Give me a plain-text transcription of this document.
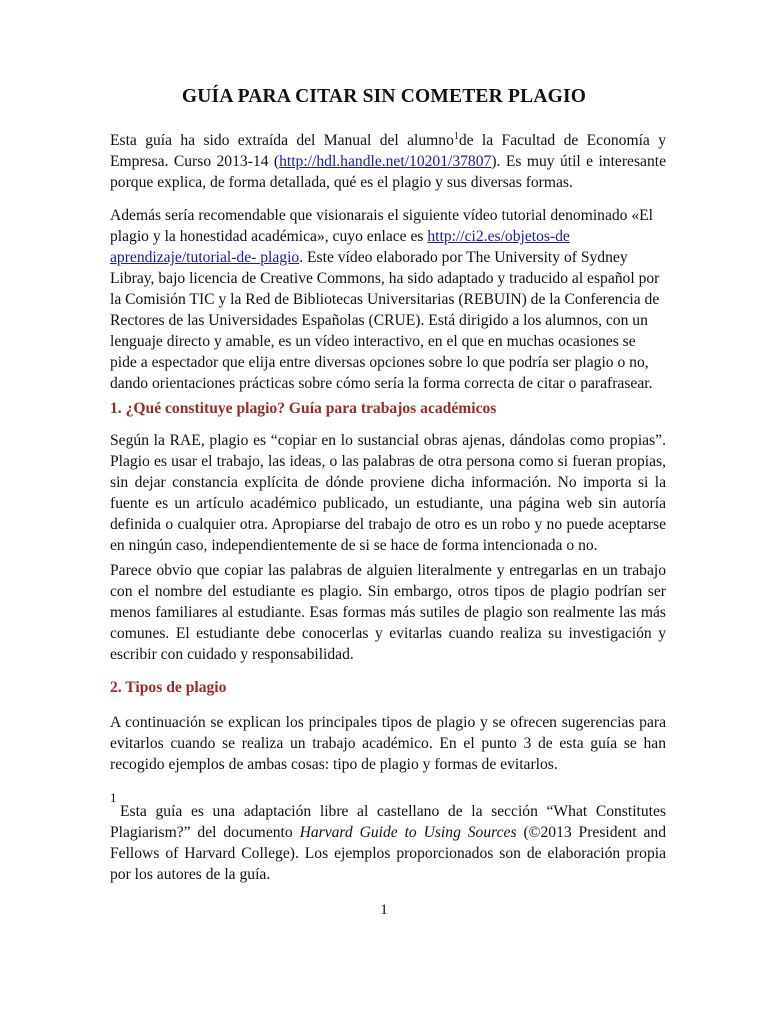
GUÍA PARA CITAR SIN COMETER PLAGIO

Esta guía ha sido extraída del Manual del alumno$^1$de la Facultad de Economía y Empresa. Curso 2013-14 (http://hdl.handle.net/10201/37807). Es muy útil e interesante porque explica, de forma detallada, qué es el plagio y sus diversas formas.

Además sería recomendable que visionarais el siguiente vídeo tutorial denominado «El plagio y la honestidad académica», cuyo enlace es http://ci2.es/objetos-de aprendizaje/tutorial-de- plagio. Este vídeo elaborado por The University of Sydney Libray, bajo licencia de Creative Commons, ha sido adaptado y traducido al español por la Comisión TIC y la Red de Bibliotecas Universitarias (REBUIN) de la Conferencia de Rectores de las Universidades Españolas (CRUE). Está dirigido a los alumnos, con un lenguaje directo y amable, es un vídeo interactivo, en el que en muchas ocasiones se pide a espectador que elija entre diversas opciones sobre lo que podría ser plagio o no, dando orientaciones prácticas sobre cómo sería la forma correcta de citar o parafrasear.

1. ¿Qué constituye plagio? Guía para trabajos académicos

Según la RAE, plagio es “copiar en lo sustancial obras ajenas, dándolas como propias”. Plagio es usar el trabajo, las ideas, o las palabras de otra persona como si fueran propias, sin dejar constancia explícita de dónde proviene dicha información. No importa si la fuente es un artículo académico publicado, un estudiante, una página web sin autoría definida o cualquier otra. Apropiarse del trabajo de otro es un robo y no puede aceptarse en ningún caso, independientemente de si se hace de forma intencionada o no.

Parece obvio que copiar las palabras de alguien literalmente y entregarlas en un trabajo con el nombre del estudiante es plagio. Sin embargo, otros tipos de plagio podrían ser menos familiares al estudiante. Esas formas más sutiles de plagio son realmente las más comunes. El estudiante debe conocerlas y evitarlas cuando realiza su investigación y escribir con cuidado y responsabilidad.

2. Tipos de plagio

A continuación se explican los principales tipos de plagio y se ofrecen sugerencias para evitarlos cuando se realiza un trabajo académico. En el punto 3 de esta guía se han recogido ejemplos de ambas cosas: tipo de plagio y formas de evitarlos.

1

Esta guía es una adaptación libre al castellano de la sección “What Constitutes Plagiarism?” del documento Harvard Guide to Using Sources (©2013 President and Fellows of Harvard College). Los ejemplos proporcionados son de elaboración propia por los autores de la guía.

1
